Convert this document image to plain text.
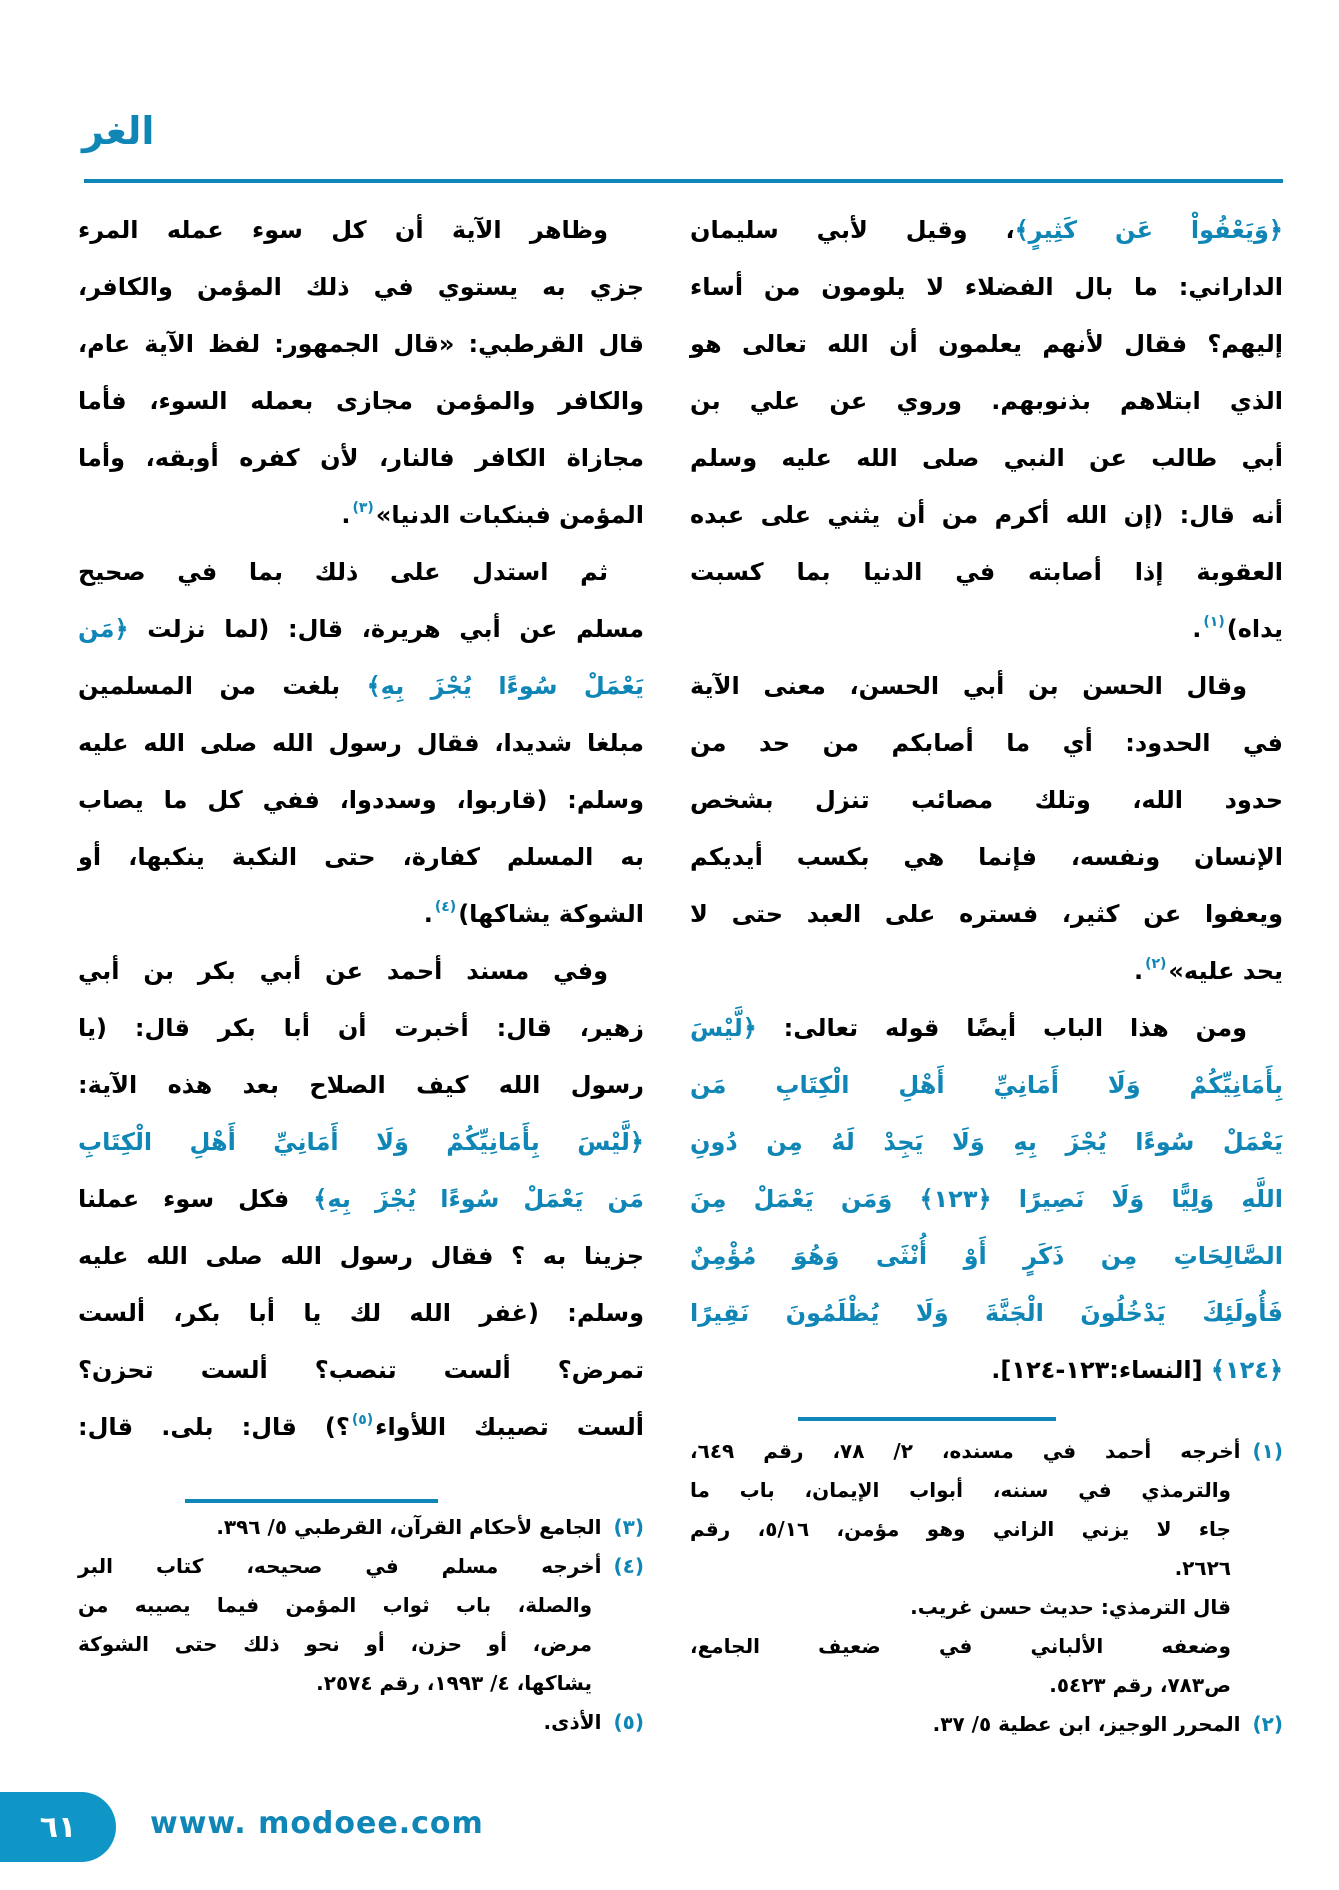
الغر
﴿وَيَعْفُواْ عَن كَثِيرٍ﴾، وقيل لأبي سليمان
الداراني: ما بال الفضلاء لا يلومون من أساء
إليهم؟ فقال لأنهم يعلمون أن الله تعالى هو
الذي ابتلاهم بذنوبهم. وروي عن علي بن
أبي طالب عن النبي صلى الله عليه وسلم
أنه قال: (إن الله أكرم من أن يثني على عبده
العقوبة إذا أصابته في الدنيا بما كسبت
يداه)$^{(١)}$.
وقال الحسن بن أبي الحسن، معنى الآية
في الحدود: أي ما أصابكم من حد من
حدود الله، وتلك مصائب تنزل بشخص
الإنسان ونفسه، فإنما هي بكسب أيديكم
ويعفوا عن كثير، فستره على العبد حتى لا
يحد عليه»$^{(٢)}$.
ومن هذا الباب أيضًا قوله تعالى: ﴿لَّيْسَ
بِأَمَانِيِّكُمْ وَلَا أَمَانِيِّ أَهْلِ الْكِتَابِ مَن
يَعْمَلْ سُوءًا يُجْزَ بِهِ وَلَا يَجِدْ لَهُ مِن دُونِ
اللَّهِ وَلِيًّا وَلَا نَصِيرًا ﴿١٢٣﴾ وَمَن يَعْمَلْ مِنَ
الصَّالِحَاتِ مِن ذَكَرٍ أَوْ أُنْثَى وَهُوَ مُؤْمِنٌ
فَأُولَئِكَ يَدْخُلُونَ الْجَنَّةَ وَلَا يُظْلَمُونَ نَقِيرًا
﴿١٢٤﴾ [النساء:١٢٣-١٢٤].
وظاهر الآية أن كل سوء عمله المرء
جزي به يستوي في ذلك المؤمن والكافر،
قال القرطبي: «قال الجمهور: لفظ الآية عام،
والكافر والمؤمن مجازى بعمله السوء، فأما
مجازاة الكافر فالنار، لأن كفره أوبقه، وأما
المؤمن فبنكبات الدنيا»$^{(٣)}$.
ثم استدل على ذلك بما في صحيح
مسلم عن أبي هريرة، قال: (لما نزلت ﴿مَن
يَعْمَلْ سُوءًا يُجْزَ بِهِ﴾ بلغت من المسلمين
مبلغا شديدا، فقال رسول الله صلى الله عليه
وسلم: (قاربوا، وسددوا، ففي كل ما يصاب
به المسلم كفارة، حتى النكبة ينكبها، أو
الشوكة يشاكها)$^{(٤)}$.
وفي مسند أحمد عن أبي بكر بن أبي
زهير، قال: أخبرت أن أبا بكر قال: (يا
رسول الله كيف الصلاح بعد هذه الآية:
﴿لَّيْسَ بِأَمَانِيِّكُمْ وَلَا أَمَانِيِّ أَهْلِ الْكِتَابِ
مَن يَعْمَلْ سُوءًا يُجْزَ بِهِ﴾ فكل سوء عملنا
جزينا به ؟ فقال رسول الله صلى الله عليه
وسلم: (غفر الله لك يا أبا بكر، ألست
تمرض؟ ألست تنصب؟ ألست تحزن؟
ألست تصيبك اللأواء$^{(٥)}$؟) قال: بلى. قال:
(١)أخرجه أحمد في مسنده، ٢/ ٧٨، رقم ٦٤٩،
والترمذي في سننه، أبواب الإيمان، باب ما
جاء لا يزني الزاني وهو مؤمن، ٥/١٦، رقم
٢٦٢٦.
قال الترمذي: حديث حسن غريب.
وضعفه الألباني في ضعيف الجامع،
ص٧٨٣، رقم ٥٤٢٣.
(٢)المحرر الوجيز، ابن عطية ٥/ ٣٧.
(٣)الجامع لأحكام القرآن، القرطبي ٥/ ٣٩٦.
(٤)أخرجه مسلم في صحيحه، كتاب البر
والصلة، باب ثواب المؤمن فيما يصيبه من
مرض، أو حزن، أو نحو ذلك حتى الشوكة
يشاكها، ٤/ ١٩٩٣، رقم ٢٥٧٤.
(٥)الأذى.
٦١ www. modoee.com
